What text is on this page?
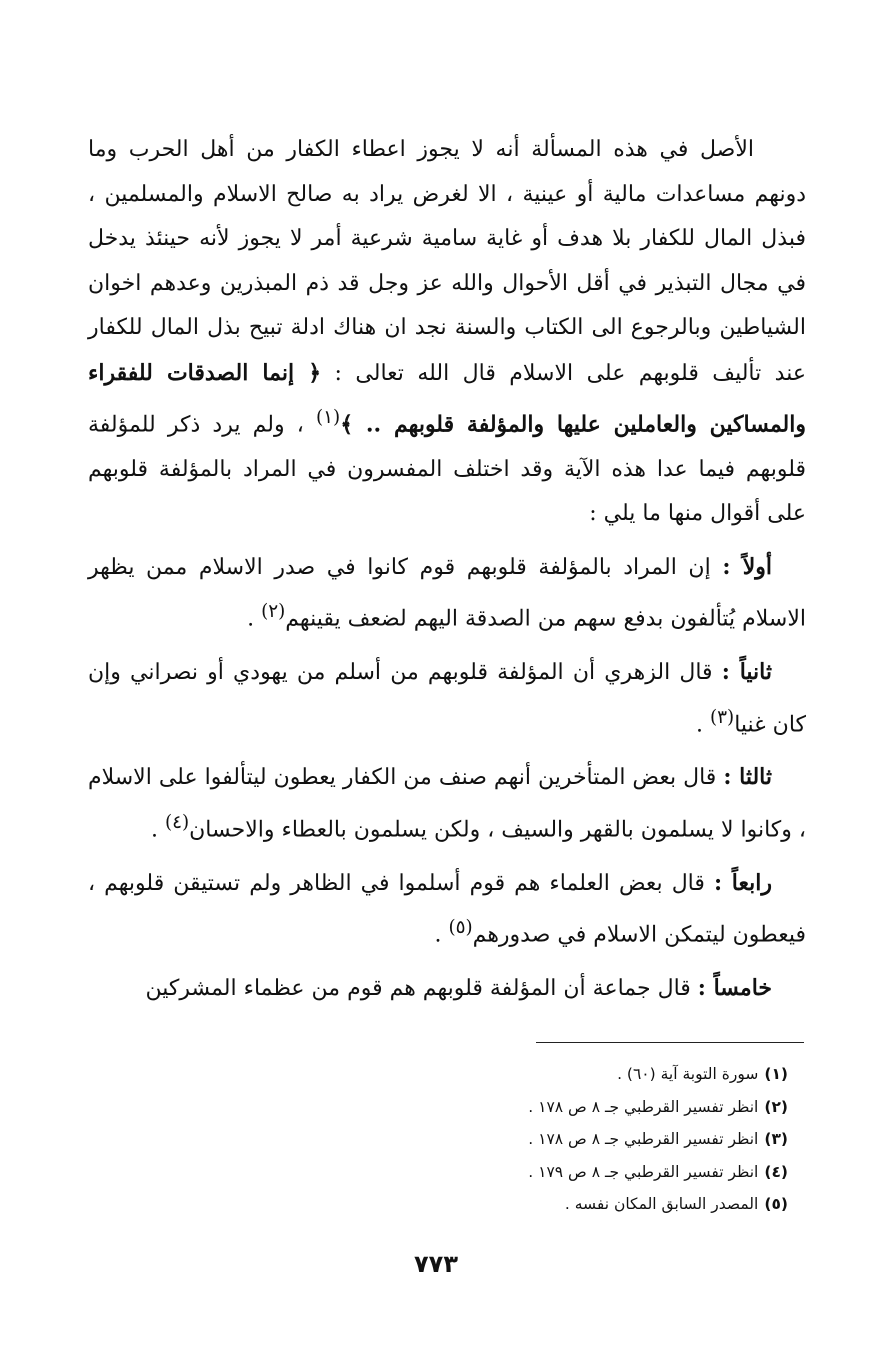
الأصل في هذه المسألة أنه لا يجوز اعطاء الكفار من أهل الحرب وما دونهم مساعدات مالية أو عينية ، الا لغرض يراد به صالح الاسلام والمسلمين ، فبذل المال للكفار بلا هدف أو غاية سامية شرعية أمر لا يجوز لأنه حينئذ يدخل في مجال التبذير في أقل الأحوال والله عز وجل قد ذم المبذرين وعدهم اخوان الشياطين وبالرجوع الى الكتاب والسنة نجد ان هناك ادلة تبيح بذل المال للكفار عند تأليف قلوبهم على الاسلام قال الله تعالى : ﴿ إنما الصدقات للفقراء والمساكين والعاملين عليها والمؤلفة قلوبهم .. ﴾$^{(١)}$ ، ولم يرد ذكر للمؤلفة قلوبهم فيما عدا هذه الآية وقد اختلف المفسرون في المراد بالمؤلفة قلوبهم على أقوال منها ما يلي :

أولاً : إن المراد بالمؤلفة قلوبهم قوم كانوا في صدر الاسلام ممن يظهر الاسلام يُتألفون بدفع سهم من الصدقة اليهم لضعف يقينهم$^{(٢)}$ .

ثانياً : قال الزهري أن المؤلفة قلوبهم من أسلم من يهودي أو نصراني وإن كان غنيا$^{(٣)}$ .

ثالثا : قال بعض المتأخرين أنهم صنف من الكفار يعطون ليتألفوا على الاسلام ، وكانوا لا يسلمون بالقهر والسيف ، ولكن يسلمون بالعطاء والاحسان$^{(٤)}$ .

رابعاً : قال بعض العلماء هم قوم أسلموا في الظاهر ولم تستيقن قلوبهم ، فيعطون ليتمكن الاسلام في صدورهم$^{(٥)}$ .

خامساً : قال جماعة أن المؤلفة قلوبهم هم قوم من عظماء المشركين

(١)سورة التوبة آية (٦٠) .
(٢)انظر تفسير القرطبي جـ ٨ ص ١٧٨ .
(٣)انظر تفسير القرطبي جـ ٨ ص ١٧٨ .
(٤)انظر تفسير القرطبي جـ ٨ ص ١٧٩ .
(٥)المصدر السابق المكان نفسه .
٧٧٣
